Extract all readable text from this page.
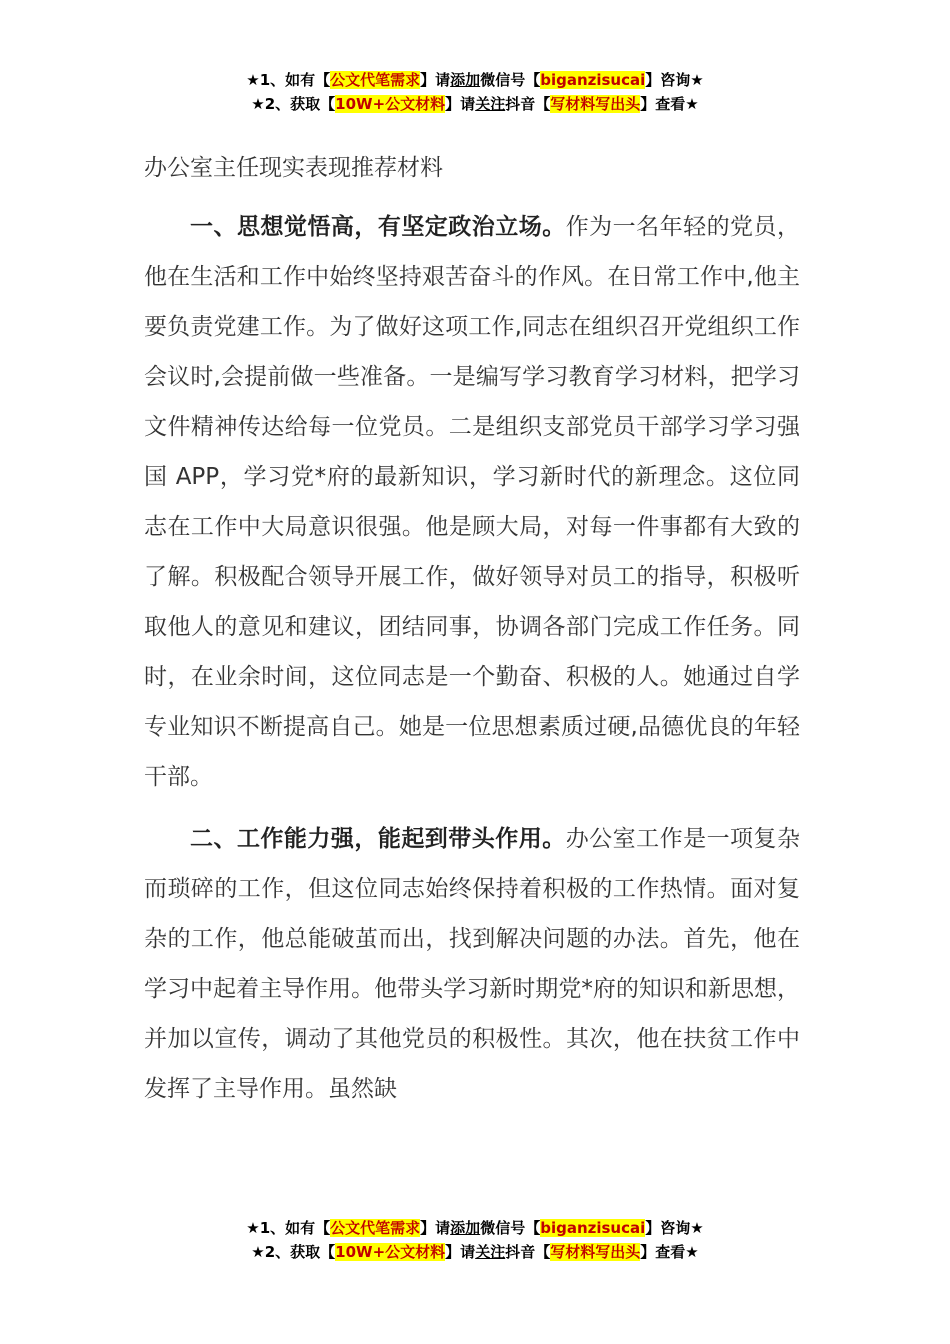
★1、如有【公文代笔需求】请添加微信号【biganzisucai】咨询★
★2、获取【10W+公文材料】请关注抖音【写材料写出头】查看★
办公室主任现实表现推荐材料

一、思想觉悟高，有坚定政治立场。作为一名年轻的党员，他在生活和工作中始终坚持艰苦奋斗的作风。在日常工作中,他主要负责党建工作。为了做好这项工作,同志在组织召开党组织工作会议时,会提前做一些准备。一是编写学习教育学习材料，把学习文件精神传达给每一位党员。二是组织支部党员干部学习学习强国 APP，学习党*府的最新知识，学习新时代的新理念。这位同志在工作中大局意识很强。他是顾大局，对每一件事都有大致的了解。积极配合领导开展工作，做好领导对员工的指导，积极听取他人的意见和建议，团结同事，协调各部门完成工作任务。同时，在业余时间，这位同志是一个勤奋、积极的人。她通过自学专业知识不断提高自己。她是一位思想素质过硬,品德优良的年轻干部。

二、工作能力强，能起到带头作用。办公室工作是一项复杂而琐碎的工作，但这位同志始终保持着积极的工作热情。面对复杂的工作，他总能破茧而出，找到解决问题的办法。首先，他在学习中起着主导作用。他带头学习新时期党*府的知识和新思想，并加以宣传，调动了其他党员的积极性。其次，他在扶贫工作中发挥了主导作用。虽然缺

★1、如有【公文代笔需求】请添加微信号【biganzisucai】咨询★
★2、获取【10W+公文材料】请关注抖音【写材料写出头】查看★
